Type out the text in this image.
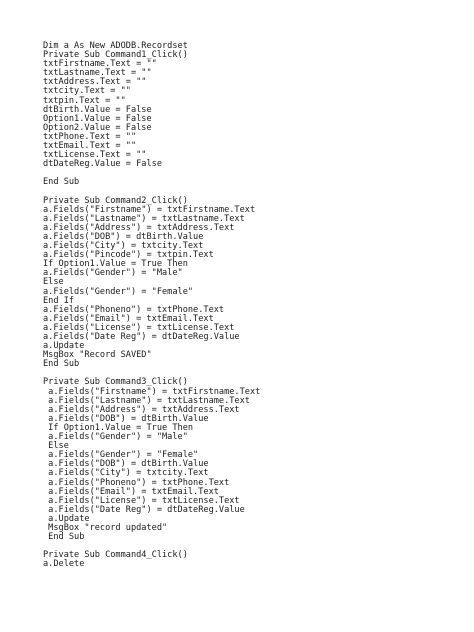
Dim a As New ADODB.Recordset
Private Sub Command1_Click()
txtFirstname.Text = ""
txtLastname.Text = ""
txtAddress.Text = ""
txtcity.Text = ""
txtpin.Text = ""
dtBirth.Value = False
Option1.Value = False
Option2.Value = False
txtPhone.Text = ""
txtEmail.Text = ""
txtLicense.Text = ""
dtDateReg.Value = False
End Sub
Private Sub Command2_Click()
a.Fields("Firstname") = txtFirstname.Text
a.Fields("Lastname") = txtLastname.Text
a.Fields("Address") = txtAddress.Text
a.Fields("DOB") = dtBirth.Value
a.Fields("City") = txtcity.Text
a.Fields("Pincode") = txtpin.Text
If Option1.Value = True Then
a.Fields("Gender") = "Male"
Else
a.Fields("Gender") = "Female"
End If
a.Fields("Phoneno") = txtPhone.Text
a.Fields("Email") = txtEmail.Text
a.Fields("License") = txtLicense.Text
a.Fields("Date Reg") = dtDateReg.Value
a.Update
MsgBox "Record SAVED"
End Sub
Private Sub Command3_Click()
a.Fields("Firstname") = txtFirstname.Text
a.Fields("Lastname") = txtLastname.Text
a.Fields("Address") = txtAddress.Text
a.Fields("DOB") = dtBirth.Value
If Option1.Value = True Then
a.Fields("Gender") = "Male"
Else
a.Fields("Gender") = "Female"
a.Fields("DOB") = dtBirth.Value
a.Fields("City") = txtcity.Text
a.Fields("Phoneno") = txtPhone.Text
a.Fields("Email") = txtEmail.Text
a.Fields("License") = txtLicense.Text
a.Fields("Date Reg") = dtDateReg.Value
a.Update
MsgBox "record updated"
End Sub
Private Sub Command4_Click()
a.Delete
